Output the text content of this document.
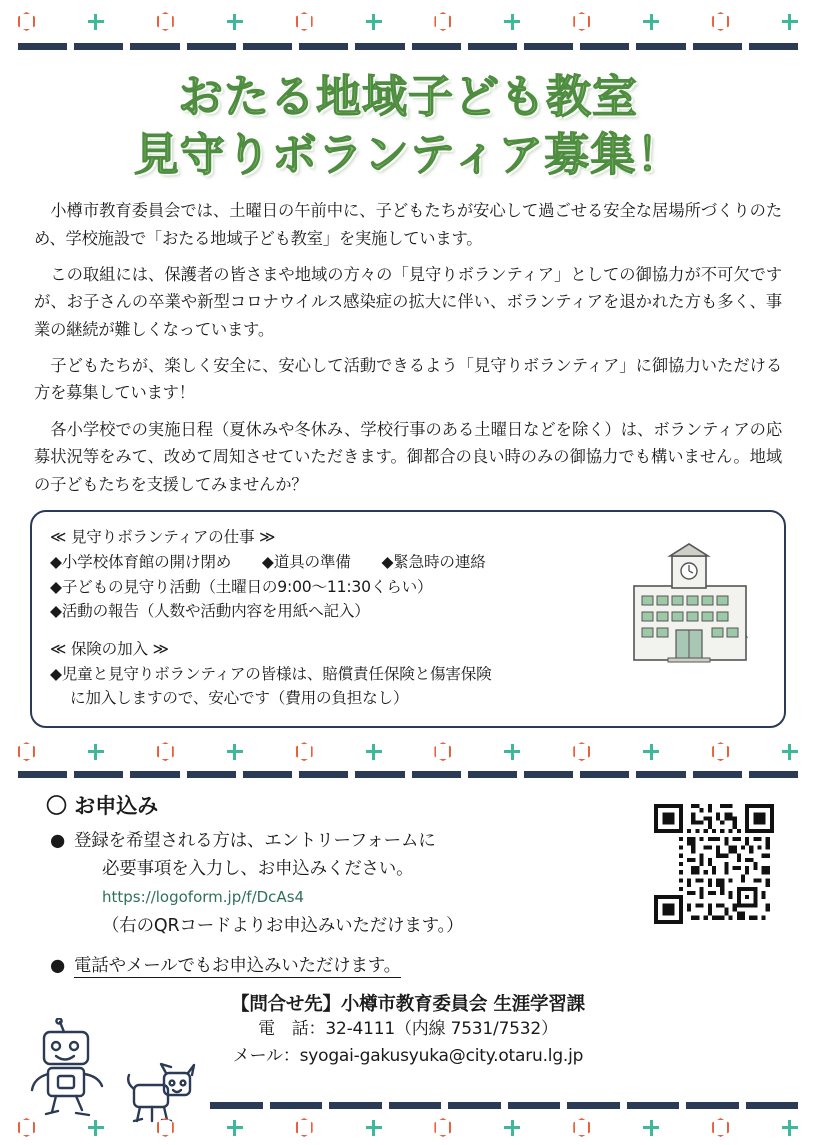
おたる地域子ども教室
見守りボランティア募集！

小樽市教育委員会では、土曜日の午前中に、子どもたちが安心して過ごせる安全な居場所づくりのため、学校施設で「おたる地域子ども教室」を実施しています。

この取組には、保護者の皆さまや地域の方々の「見守りボランティア」としての御協力が不可欠ですが、お子さんの卒業や新型コロナウイルス感染症の拡大に伴い、ボランティアを退かれた方も多く、事業の継続が難しくなっています。

子どもたちが、楽しく安全に、安心して活動できるよう「見守りボランティア」に御協力いただける方を募集しています！

各小学校での実施日程（夏休みや冬休み、学校行事のある土曜日などを除く）は、ボランティアの応募状況等をみて、改めて周知させていただきます。御都合の良い時のみの御協力でも構いません。地域の子どもたちを支援してみませんか？

≪ 見守りボランティアの仕事 ≫
◆小学校体育館の開け閉め　　◆道具の準備　　◆緊急時の連絡
◆子どもの見守り活動（土曜日の9:00〜11:30くらい）
◆活動の報告（人数や活動内容を用紙へ記入）
≪ 保険の加入 ≫
◆児童と見守りボランティアの皆様は、賠償責任保険と傷害保険
に加入しますので、安心です（費用の負担なし）
〇 お申込み
● 登録を希望される方は、エントリーフォームに
必要事項を入力し、お申込みください。
https://logoform.jp/f/DcAs4
（右のQRコードよりお申込みいただけます。）
● 電話やメールでもお申込みいただけます。
【問合せ先】小樽市教育委員会 生涯学習課
電　話：32-4111（内線 7531/7532）
メール：syogai-gakusyuka@city.otaru.lg.jp
